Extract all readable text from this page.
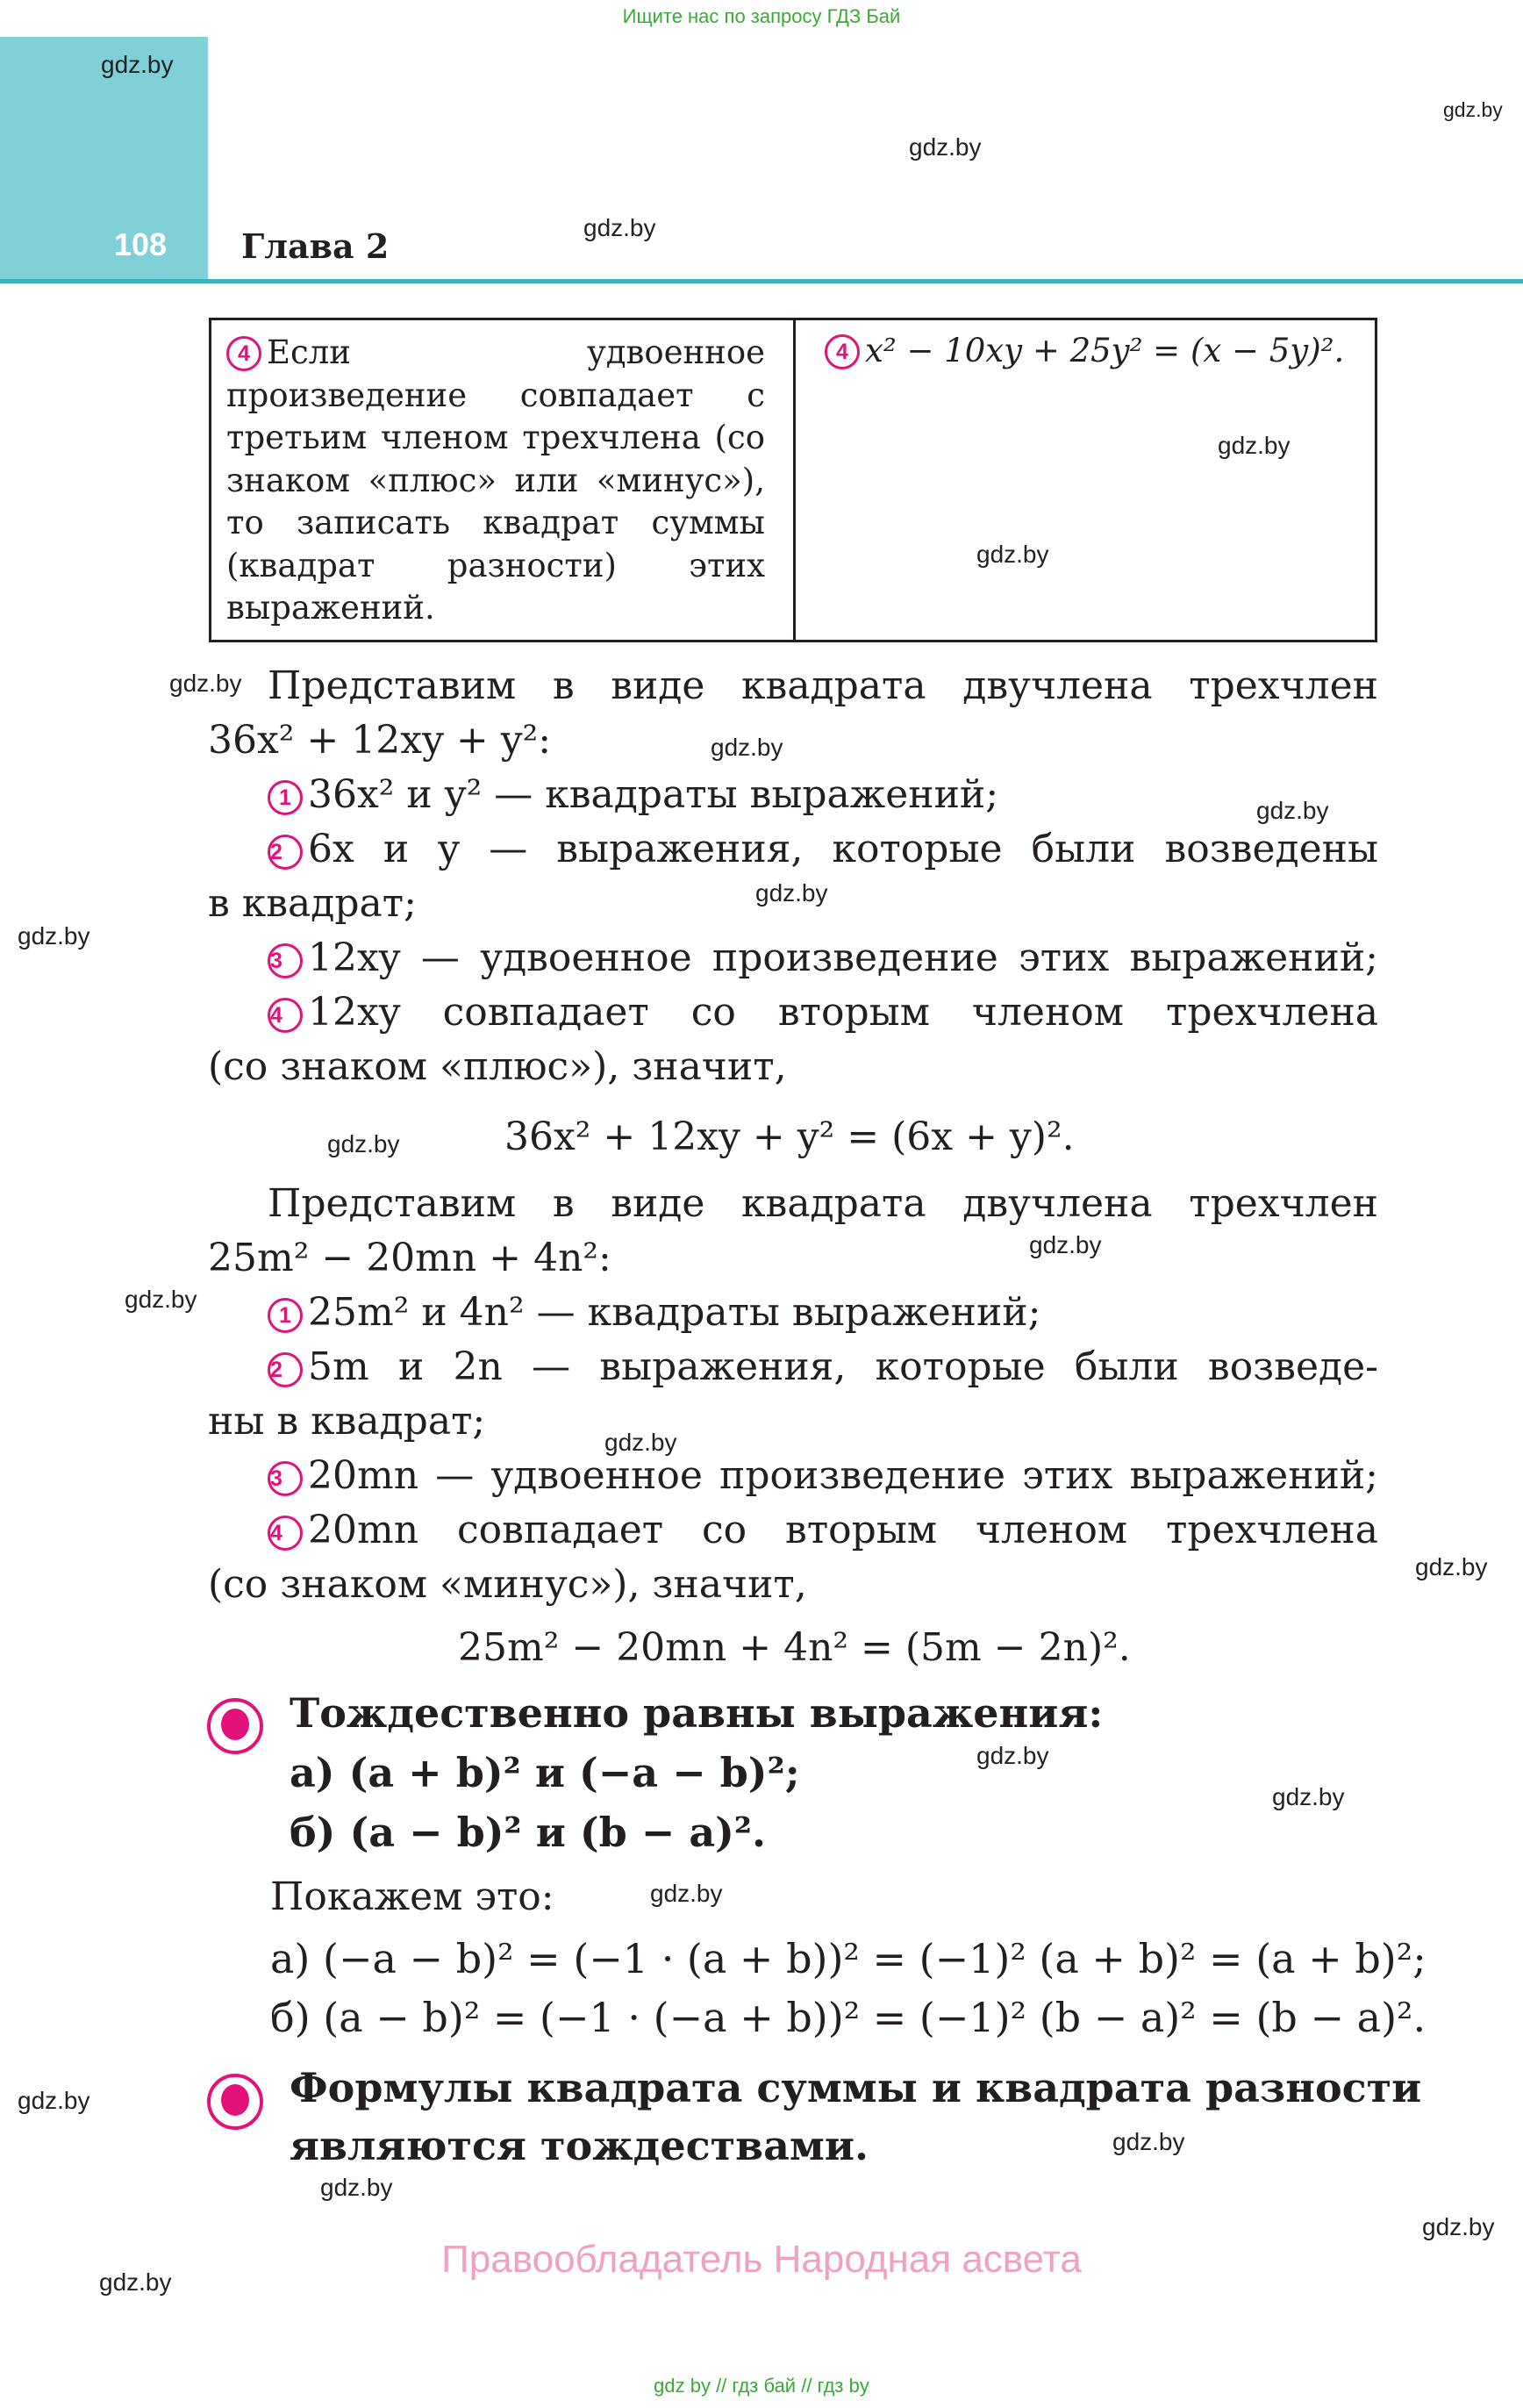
Ищите нас по запросу ГДЗ Бай
108 Глава 2
gdz.by
gdz.by
gdz.by
gdz.by
gdz.by
gdz.by
gdz.by
gdz.by
gdz.by
gdz.by
gdz.by
gdz.by
gdz.by
gdz.by
gdz.by
gdz.by
gdz.by
gdz.by
gdz.by
gdz.by
gdz.by
gdz.by
gdz.by
gdz.by
4 Если удвоенное произведение совпадает с третьим членом трехчлена (со знаком «плюс» или «минус»), то записать квадрат суммы (квадрат разности) этих выражений.
4 x² − 10xy + 25y² = (x − 5y)².
Представим в виде квадрата двучлена трехчлен
36x² + 12xy + y²:
1 36x² и y² — квадраты выражений;
2 6x и y — выражения, которые были возведены
в квадрат;
3 12xy — удвоенное произведение этих выражений;
4 12xy совпадает со вторым членом трехчлена
(со знаком «плюс»), значит,
36x² + 12xy + y² = (6x + y)².
Представим в виде квадрата двучлена трехчлен
25m² − 20mn + 4n²:
1 25m² и 4n² — квадраты выражений;
2 5m и 2n — выражения, которые были возведе-
ны в квадрат;
3 20mn — удвоенное произведение этих выражений;
4 20mn совпадает со вторым членом трехчлена
(со знаком «минус»), значит,
25m² − 20mn + 4n² = (5m − 2n)².
Тождественно равны выражения:
а) (a + b)² и (−a − b)²;
б) (a − b)² и (b − a)².
Покажем это:
а) (−a − b)² = (−1 · (a + b))² = (−1)² (a + b)² = (a + b)²;
б) (a − b)² = (−1 · (−a + b))² = (−1)² (b − a)² = (b − a)².
Формулы квадрата суммы и квадрата разности
являются тождествами.
Правообладатель Народная асвета
gdz by // гдз бай // гдз by
